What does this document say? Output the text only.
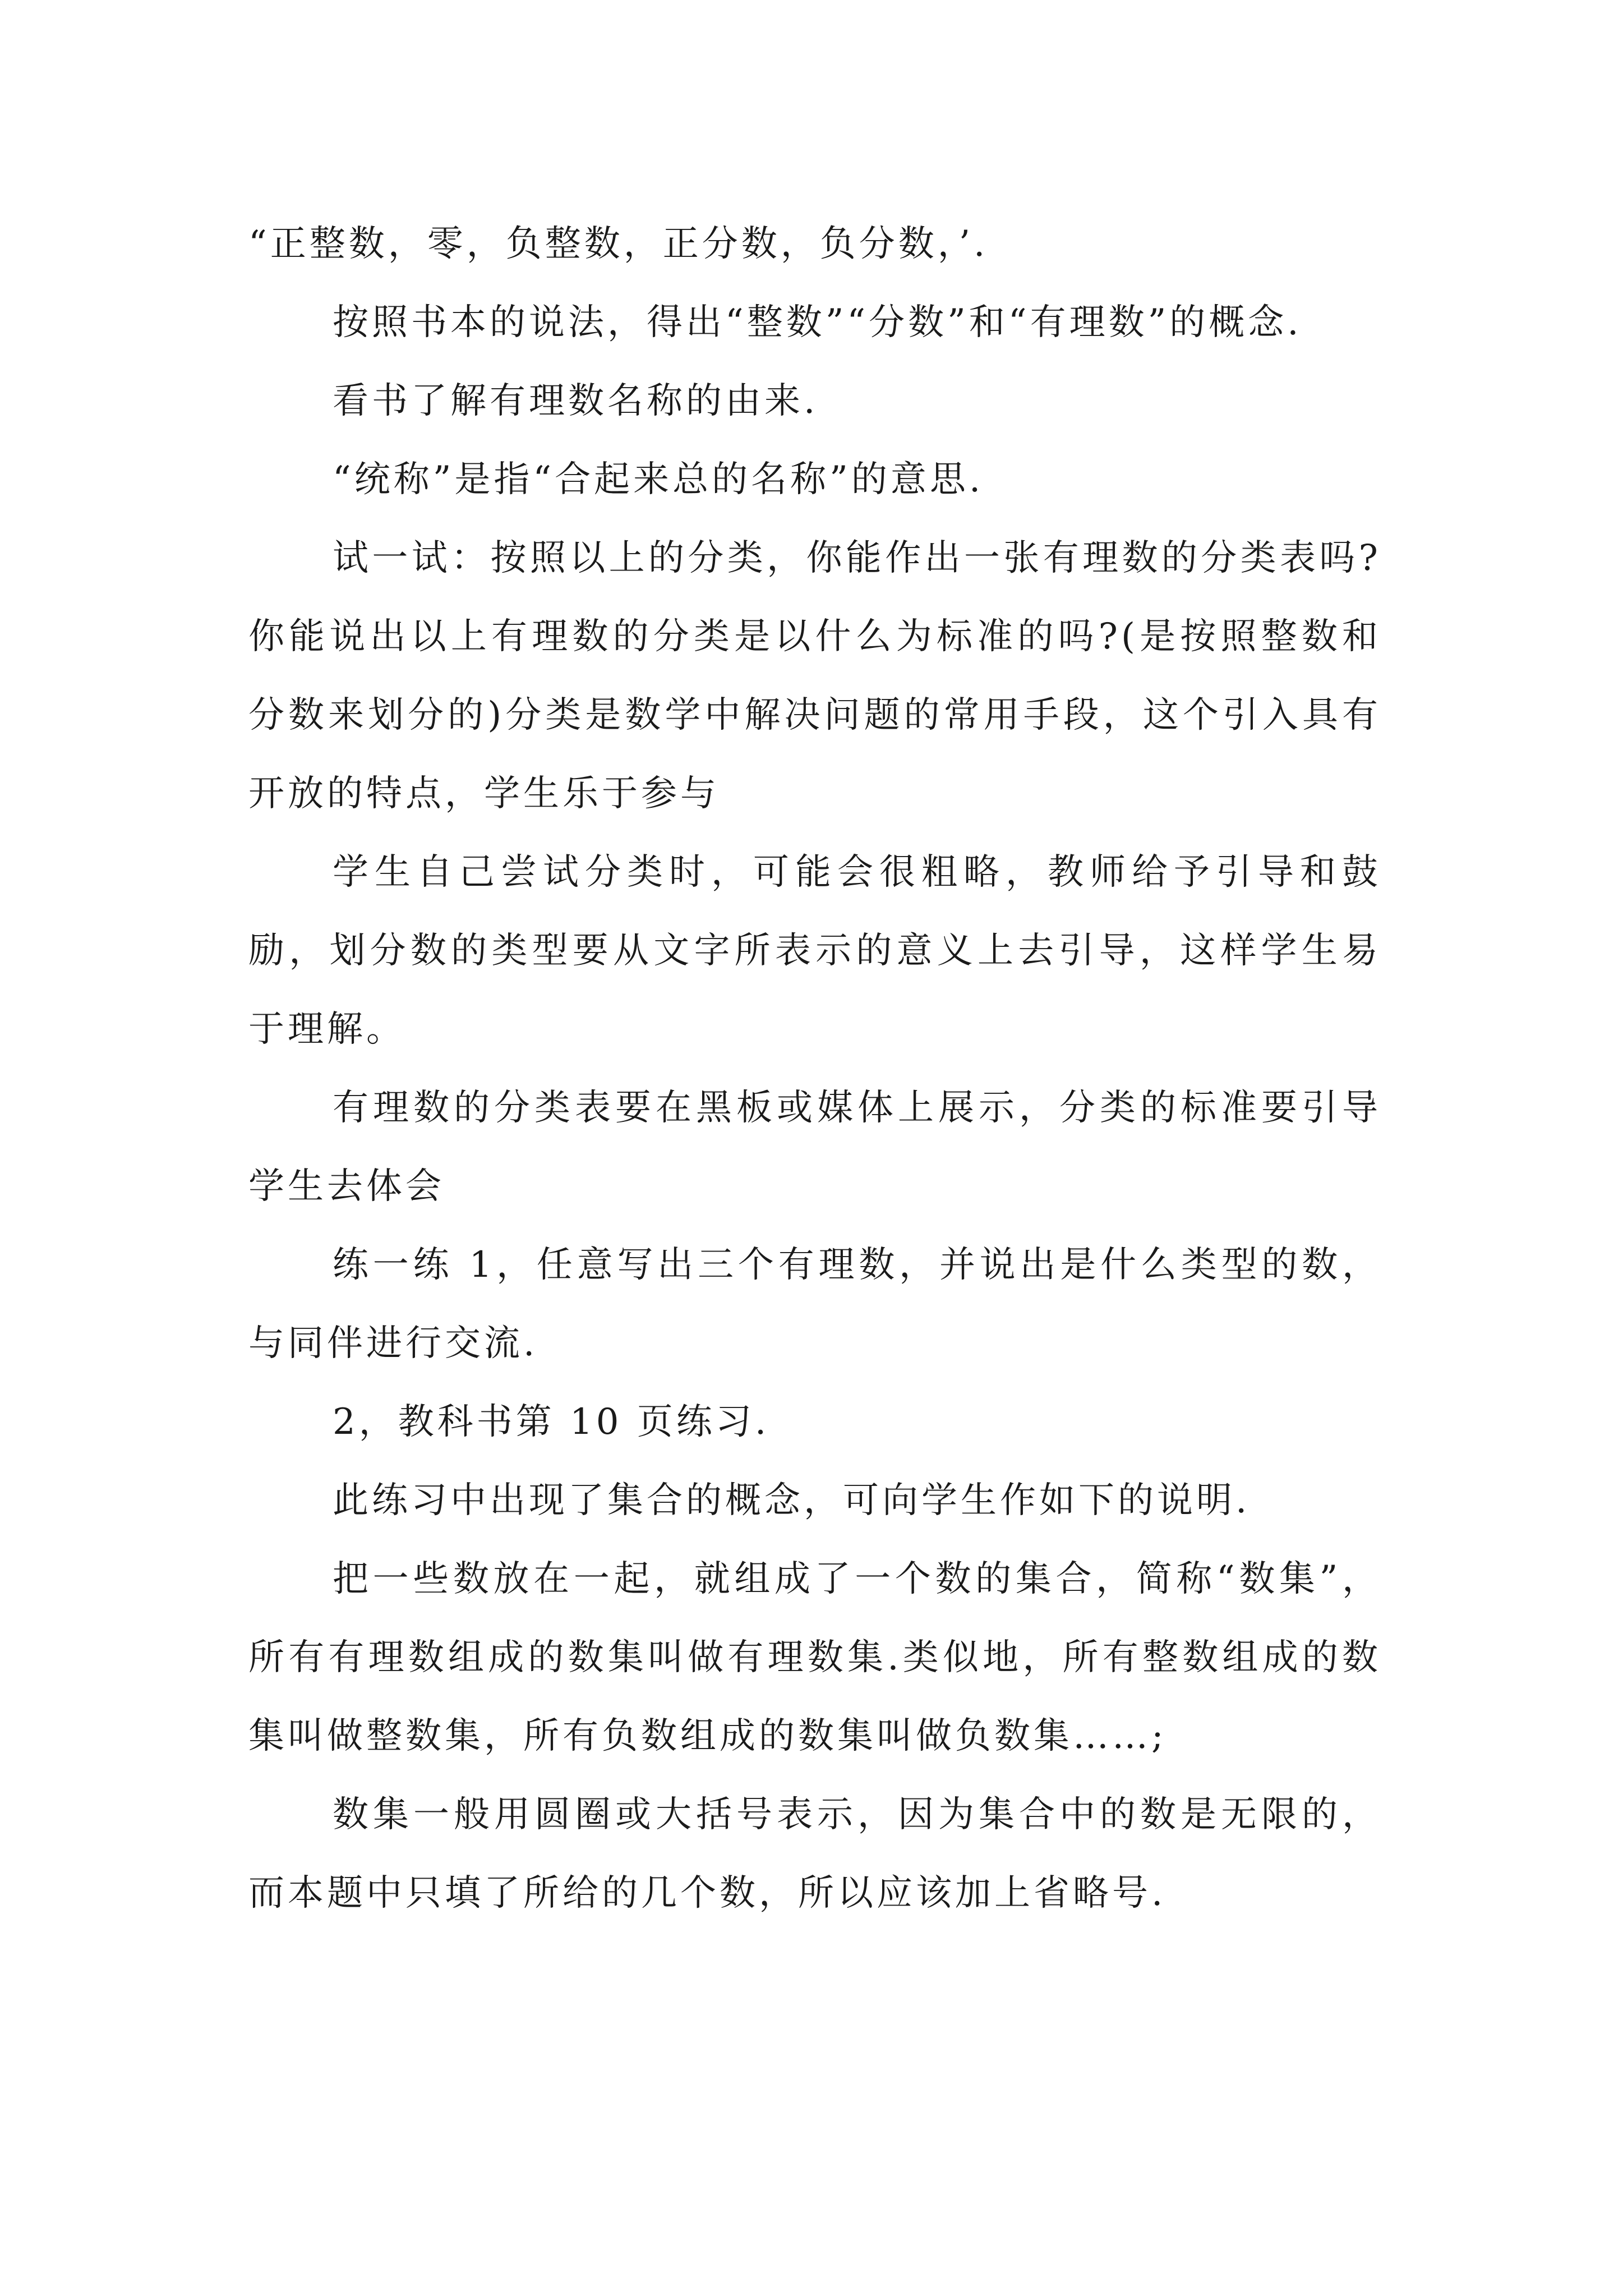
“正整数，零，负整数，正分数，负分数，’.

按照书本的说法，得出“整数”“分数”和“有理数”的概念.

看书了解有理数名称的由来.

“统称”是指“合起来总的名称”的意思.

试一试：按照以上的分类，你能作出一张有理数的分类表吗?你能说出以上有理数的分类是以什么为标准的吗?(是按照整数和分数来划分的)分类是数学中解决问题的常用手段，这个引入具有开放的特点，学生乐于参与

学生自己尝试分类时，可能会很粗略，教师给予引导和鼓励，划分数的类型要从文字所表示的意义上去引导，这样学生易于理解。

有理数的分类表要在黑板或媒体上展示，分类的标准要引导学生去体会

练一练 1，任意写出三个有理数，并说出是什么类型的数，与同伴进行交流.

2，教科书第 10 页练习.

此练习中出现了集合的概念，可向学生作如下的说明.

把一些数放在一起，就组成了一个数的集合，简称“数集”，所有有理数组成的数集叫做有理数集.类似地，所有整数组成的数集叫做整数集，所有负数组成的数集叫做负数集……;

数集一般用圆圈或大括号表示，因为集合中的数是无限的，而本题中只填了所给的几个数，所以应该加上省略号.
